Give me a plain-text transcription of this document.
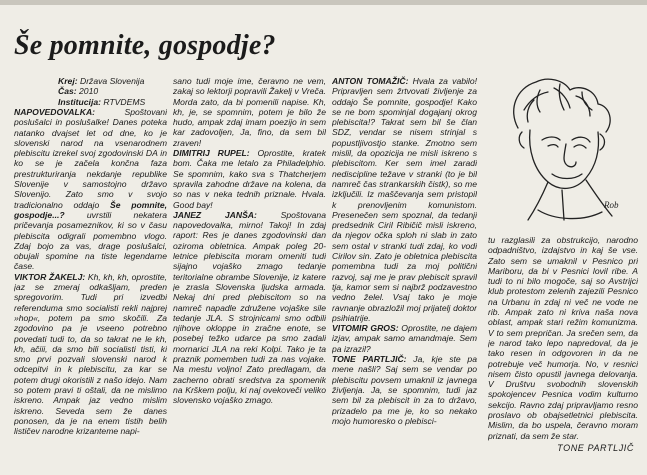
Še pomnite, gospodje?
Krej: Država Slovenija
Čas: 2010
Institucija: RTVDEMS

NAPOVEDOVALKA: Spoštovani poslušalci in poslušalke! Danes poteka natanko dvajset let od dne, ko je slovenski narod na vsenarodnem plebiscitu izrekel svoj zgodovinski DA in ko se je začela končna faza prestrukturiranja nekdanje republike Slovenije v samostojno državo Slovenijo. Zato smo v svojo tradicionalno oddajo Še pomnite, gospodje...? uvrstili nekatera pričevanja posameznikov, ki so v času plebiscita odigrali pomembno vlogo. Zdaj bojo za vas, drage poslušalci, obujali spomine na tiste legendarne čase.

VIKTOR ŽAKELJ: Kh, kh, kh, oprostite, jaz se zmeraj odkašljam, preden spregovorim. Tudi pri izvedbi referenduma smo socialisti rekli najprej »hop«, potem pa smo skočili. Za zgodovino pa je vseeno potrebno povedati tudi to, da so takrat ne le kh, kh, ačiii, da smo bili socialisti tisti, ki smo prvi pozvali slovenski narod k odcepitvi in k plebiscitu, za kar se potem drugi okoristili z našo idejo. Nam so potem pravi ti oštali, da ne mislimo iskreno. Ampak jaz vedno mislim iskreno. Seveda sem že danes ponosen, da je na enem tistih belih lističev narodne krizanteme napi-

sano tudi moje ime, čeravno ne vem, zakaj so lektorji popravili Žakelj v Vreča. Morda zato, da bi pomenili napise. Kh, kh, je, se spomnim, potem je bilo že hudo, ampak zdaj imam poezijo in sem kar zadovoljen, Ja, fino, da sem bil zraven!

DIMITRIJ RUPEL: Oprostite, kratek bom. Čaka me letalo za Philadelphio. Se spomnim, kako sva s Thatcherjem spravila zahodne države na kolena, da so nas v neka tednih priznale. Hvala. Good bay!

JANEZ JANŠA: Spoštovana napovedovalka, mirno! Takoj! In zdaj raport: Res je danes zgodovinski dan oziroma obletnica. Ampak poleg 20-letnice plebiscita moram omeniti tudi sijajno vojaško zmago tedanje teritorialne obrambe Slovenije, iz katere je zrasla Slovenska ljudska armada. Nekaj dni pred plebiscitom so na namreč napadle združene vojaške sile tedanje JLA. S strojnicami smo odbili njihove okloppe in zračne enote, se posebej težko udarce pa smo zadali mornarici JLA na reki Kolpi. Tako je ta praznik pomemben tudi za nas vojake. Na mestu voljno! Zato predlagam, da zacherno obrati sredstva za spomenik na Krškem polju, ki naj ovekoveči veliko slovensko vojaško zmago.

ANTON TOMAŽIČ: Hvala za vabilo! Pripravljen sem žrtvovati življenje za oddajo Še pomnite, gospodje! Kako se ne bom spominjal dogajanj okrog plebiscita!? Takrat sem bil še član SDZ, vendar se nisem strinjal s popustljivostjo stanke. Zmotno sem mislil, da opozicija ne misli iskreno s plebiscitom. Ker sem imel zaradi nediscipline težave v stranki (to je bil namreč čas strankarskih čistk), so me izključili. Iz maščevanja sem pristopil k prenovljenim komunistom. Presenečen sem spoznal, da tedanji predsednik Ciril Ribičič misli iskreno, da njegov očka sploh ni slab in zato sem ostal v stranki tudi zdaj, ko vodi Cirilov sin. Zato je obletnica plebiscita pomembna tudi za moj politični razvoj, saj me je prav plebiscit spravil tja, kamor sem si najbrž podzavestno vedno želel. Vsaj tako je moje ravnanje obrazložil moj prijatelj doktor psihiatrije.

VITOMIR GROS: Oprostite, ne dajem izjav, ampak samo amandmaje. Sem pa izrazil?

TONE PARTLJIČ: Ja, kje ste pa mene našli? Saj sem se vendar po plebiscitu povsem umaknil iz javnega življenja. Ja, se spomnim, tudi jaz sem bil za plebiscit in za to državo, prizadelo pa me je, ko so nekako mojo humoresko o plebisci-

Rob

tu razglasili za obstrukcijo, narodno odpadništvo, izdajstvo in kaj še vse. Zato sem se umaknil v Pesnico pri Mariboru, da bi v Pesnici lovil ribe. A tudi to ni bilo mogoče, saj so Avstrijci klub protestom zelenih zajezili Pesnico na Urbanu in zdaj ni več ne vode ne rib. Ampak zato ni kriva naša nova oblast, ampak stari režim komunizma. V to sem prepričan. Ja srečen sem, da je narod tako lepo napredoval, da je tako resen in odgovoren in da ne potrebuje več humorja. No, v resnici nisem čisto opustil javnega delovanja. V Društvu svobodnih slovenskih spokojencev Pesnica vodim kulturno sekcijo. Ravno zdaj pripravljamo resno proslavo ob obajsetletnici plebiscita. Mislim, da bo uspela, čeravno moram priznati, da sem že star.

TONE PARTLJIČ
